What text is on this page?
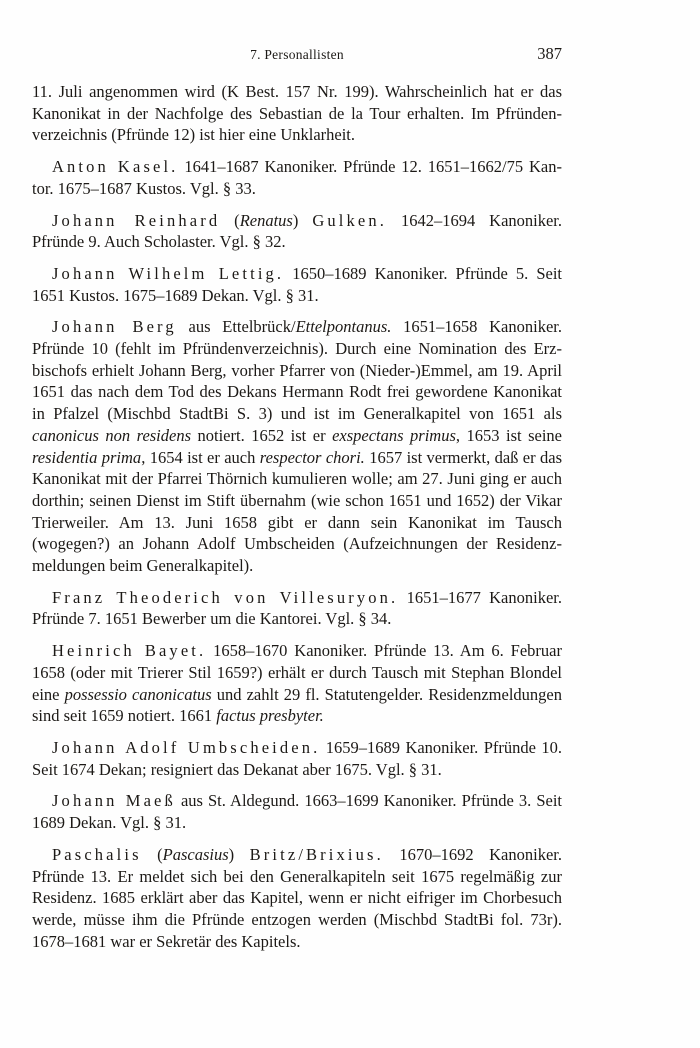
7. Personallisten	387

11. Juli angenommen wird (K Best. 157 Nr. 199). Wahrscheinlich hat er das Kanonikat in der Nachfolge des Sebastian de la Tour erhalten. Im Pfründenverzeichnis (Pfründe 12) ist hier eine Unklarheit.

Anton Kasel. 1641–1687 Kanoniker. Pfründe 12. 1651–1662/75 Kantor. 1675–1687 Kustos. Vgl. § 33.

Johann Reinhard (Renatus) Gulken. 1642–1694 Kanoniker. Pfründe 9. Auch Scholaster. Vgl. § 32.

Johann Wilhelm Lettig. 1650–1689 Kanoniker. Pfründe 5. Seit 1651 Kustos. 1675–1689 Dekan. Vgl. § 31.

Johann Berg aus Ettelbrück/Ettelpontanus. 1651–1658 Kanoniker. Pfründe 10 (fehlt im Pfründenverzeichnis). Durch eine Nomination des Erzbischofs erhielt Johann Berg, vorher Pfarrer von (Nieder-)Emmel, am 19. April 1651 das nach dem Tod des Dekans Hermann Rodt frei gewordene Kanonikat in Pfalzel (Mischbd StadtBi S. 3) und ist im Generalkapitel von 1651 als canonicus non residens notiert. 1652 ist er exspectans primus, 1653 ist seine residentia prima, 1654 ist er auch respector chori. 1657 ist vermerkt, daß er das Kanonikat mit der Pfarrei Thörnich kumulieren wolle; am 27. Juni ging er auch dorthin; seinen Dienst im Stift übernahm (wie schon 1651 und 1652) der Vikar Trierweiler. Am 13. Juni 1658 gibt er dann sein Kanonikat im Tausch (wogegen?) an Johann Adolf Umbscheiden (Aufzeichnungen der Residenzmeldungen beim Generalkapitel).

Franz Theoderich von Villesuryon. 1651–1677 Kanoniker. Pfründe 7. 1651 Bewerber um die Kantorei. Vgl. § 34.

Heinrich Bayet. 1658–1670 Kanoniker. Pfründe 13. Am 6. Februar 1658 (oder mit Trierer Stil 1659?) erhält er durch Tausch mit Stephan Blondel eine possessio canonicatus und zahlt 29 fl. Statutengelder. Residenzmeldungen sind seit 1659 notiert. 1661 factus presbyter.

Johann Adolf Umbscheiden. 1659–1689 Kanoniker. Pfründe 10. Seit 1674 Dekan; resigniert das Dekanat aber 1675. Vgl. § 31.

Johann Maeß aus St. Aldegund. 1663–1699 Kanoniker. Pfründe 3. Seit 1689 Dekan. Vgl. § 31.

Paschalis (Pascasius) Britz/Brixius. 1670–1692 Kanoniker. Pfründe 13. Er meldet sich bei den Generalkapiteln seit 1675 regelmäßig zur Residenz. 1685 erklärt aber das Kapitel, wenn er nicht eifriger im Chorbesuch werde, müsse ihm die Pfründe entzogen werden (Mischbd StadtBi fol. 73r). 1678–1681 war er Sekretär des Kapitels.
